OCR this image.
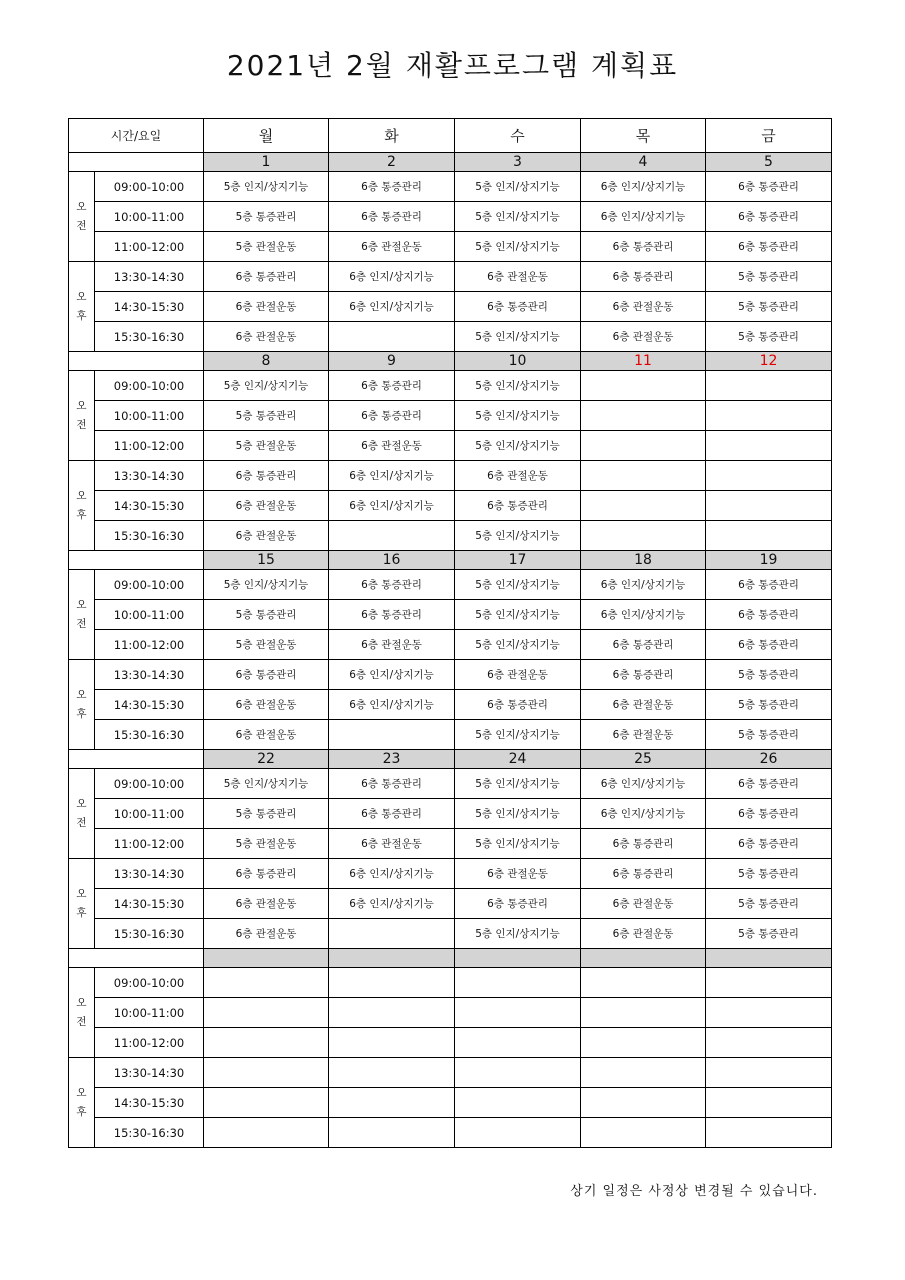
2021년 2월 재활프로그램 계획표
시간/요일		월	화	수	목	금
		1	2	3	4	5
오전	09:00-10:00	5층 인지/상지기능	6층 통증관리	5층 인지/상지기능	6층 인지/상지기능	6층 통증관리
	10:00-11:00	5층 통증관리	6층 통증관리	5층 인지/상지기능	6층 인지/상지기능	6층 통증관리
	11:00-12:00	5층 관절운동	6층 관절운동	5층 인지/상지기능	6층 통증관리	6층 통증관리
오후	13:30-14:30	6층 통증관리	6층 인지/상지기능	6층 관절운동	6층 통증관리	5층 통증관리
	14:30-15:30	6층 관절운동	6층 인지/상지기능	6층 통증관리	6층 관절운동	5층 통증관리
	15:30-16:30	6층 관절운동		5층 인지/상지기능	6층 관절운동	5층 통증관리
		8	9	10	11	12
오전	09:00-10:00	5층 인지/상지기능	6층 통증관리	5층 인지/상지기능		
	10:00-11:00	5층 통증관리	6층 통증관리	5층 인지/상지기능		
	11:00-12:00	5층 관절운동	6층 관절운동	5층 인지/상지기능		
오후	13:30-14:30	6층 통증관리	6층 인지/상지기능	6층 관절운동		
	14:30-15:30	6층 관절운동	6층 인지/상지기능	6층 통증관리		
	15:30-16:30	6층 관절운동		5층 인지/상지기능		
		15	16	17	18	19
오전	09:00-10:00	5층 인지/상지기능	6층 통증관리	5층 인지/상지기능	6층 인지/상지기능	6층 통증관리
	10:00-11:00	5층 통증관리	6층 통증관리	5층 인지/상지기능	6층 인지/상지기능	6층 통증관리
	11:00-12:00	5층 관절운동	6층 관절운동	5층 인지/상지기능	6층 통증관리	6층 통증관리
오후	13:30-14:30	6층 통증관리	6층 인지/상지기능	6층 관절운동	6층 통증관리	5층 통증관리
	14:30-15:30	6층 관절운동	6층 인지/상지기능	6층 통증관리	6층 관절운동	5층 통증관리
	15:30-16:30	6층 관절운동		5층 인지/상지기능	6층 관절운동	5층 통증관리
		22	23	24	25	26
오전	09:00-10:00	5층 인지/상지기능	6층 통증관리	5층 인지/상지기능	6층 인지/상지기능	6층 통증관리
	10:00-11:00	5층 통증관리	6층 통증관리	5층 인지/상지기능	6층 인지/상지기능	6층 통증관리
	11:00-12:00	5층 관절운동	6층 관절운동	5층 인지/상지기능	6층 통증관리	6층 통증관리
오후	13:30-14:30	6층 통증관리	6층 인지/상지기능	6층 관절운동	6층 통증관리	5층 통증관리
	14:30-15:30	6층 관절운동	6층 인지/상지기능	6층 통증관리	6층 관절운동	5층 통증관리
	15:30-16:30	6층 관절운동		5층 인지/상지기능	6층 관절운동	5층 통증관리

오전	09:00-10:00					
	10:00-11:00					
	11:00-12:00					
오후	13:30-14:30					
	14:30-15:30					
	15:30-16:30					
상기 일정은 사정상 변경될 수 있습니다.
